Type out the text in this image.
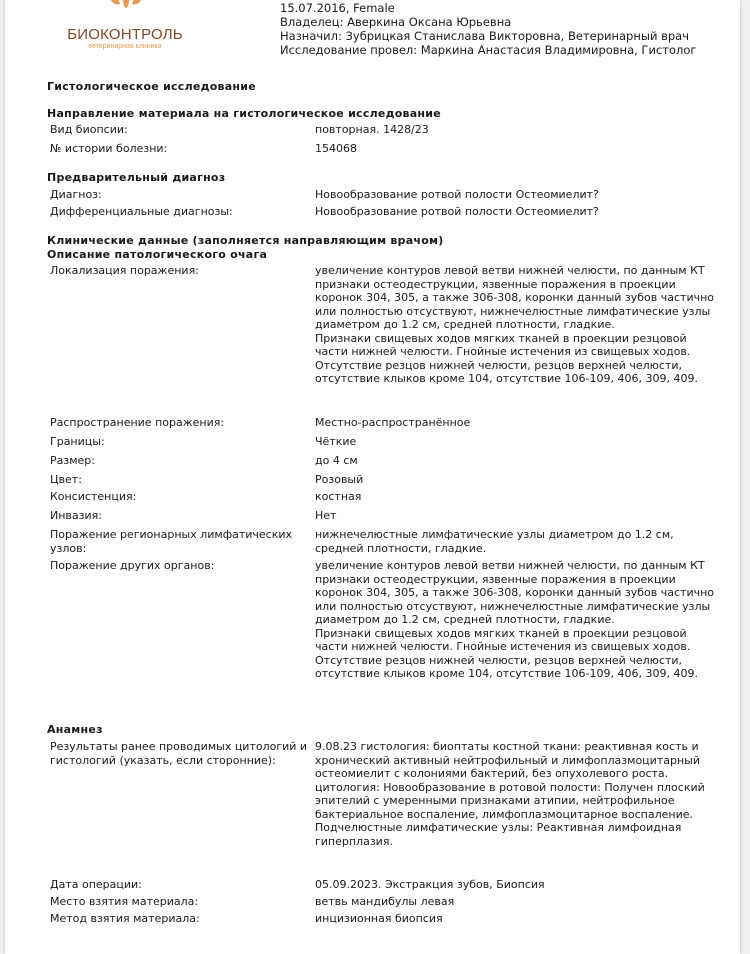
БИОКОНТРОЛЬ
ветеринарная клиника
15.07.2016, Female
Владелец: Аверкина Оксана Юрьевна
Назначил: Зубрицкая Станислава Викторовна, Ветеринарный врач
Исследование провел: Маркина Анастасия Владимировна, Гистолог
Гистологическое исследование
Направление материала на гистологическое исследование
Вид биопсии:	повторная. 1428/23
№ истории болезни:	154068
Предварительный диагноз
Диагноз:	Новообразование ротвой полости Остеомиелит?
Дифференциальные диагнозы:	Новообразование ротвой полости Остеомиелит?
Клинические данные (заполняется направляющим врачом)
Описание патологического очага
Локализация поражения:	увеличение контуров левой ветви нижней челюсти, по данным КТ признаки остеодеструкции, язвенные поражения в проекции коронок 304, 305, а также 306-308, коронки данный зубов частично или полностью отсуствуют, нижнечелюстные лимфатические узлы диаметром до 1.2 см, средней плотности, гладкие.
Признаки свищевых ходов мягких тканей в проекции резцовой части нижней челюсти. Гнойные истечения из свищевых ходов. Отсутствие резцов нижней челюсти, резцов верхней челюсти, отсутствие клыков кроме 104, отсутствие 106-109, 406, 309, 409.
Распространение поражения:	Местно-распространённое
Границы:	Чёткие
Размер:	до 4 см
Цвет:	Розовый
Консистенция:	костная
Инвазия:	Нет
Поражение регионарных лимфатических узлов:
нижнечелюстные лимфатические узлы диаметром до 1.2 см, средней плотности, гладкие.
Поражение других органов:	увеличение контуров левой ветви нижней челюсти, по данным КТ признаки остеодеструкции, язвенные поражения в проекции коронок 304, 305, а также 306-308, коронки данный зубов частично или полностью отсуствуют, нижнечелюстные лимфатические узлы диаметром до 1.2 см, средней плотности, гладкие.
Признаки свищевых ходов мягких тканей в проекции резцовой части нижней челюсти. Гнойные истечения из свищевых ходов. Отсутствие резцов нижней челюсти, резцов верхней челюсти, отсутствие клыков кроме 104, отсутствие 106-109, 406, 309, 409.
Анамнез
Результаты ранее проводимых цитологий и гистологий (указать, если сторонние):
9.08.23 гистология: биоптаты костной ткани: реактивная кость и хронический активный нейтрофильный и лимфоплазмоцитарный остеомиелит с колониями бактерий, без опухолевого роста.
цитология: Новообразование в ротовой полости: Получен плоский эпителий с умеренными признаками атипии, нейтрофильное бактериальное воспаление, лимфоплазмоцитарное воспаление.
Подчелюстные лимфатические узлы: Реактивная лимфоидная гиперплазия.
Дата операции:	05.09.2023. Экстракция зубов, Биопсия
Место взятия материала:	ветвь мандибулы левая
Метод взятия материала:	инцизионная биопсия
